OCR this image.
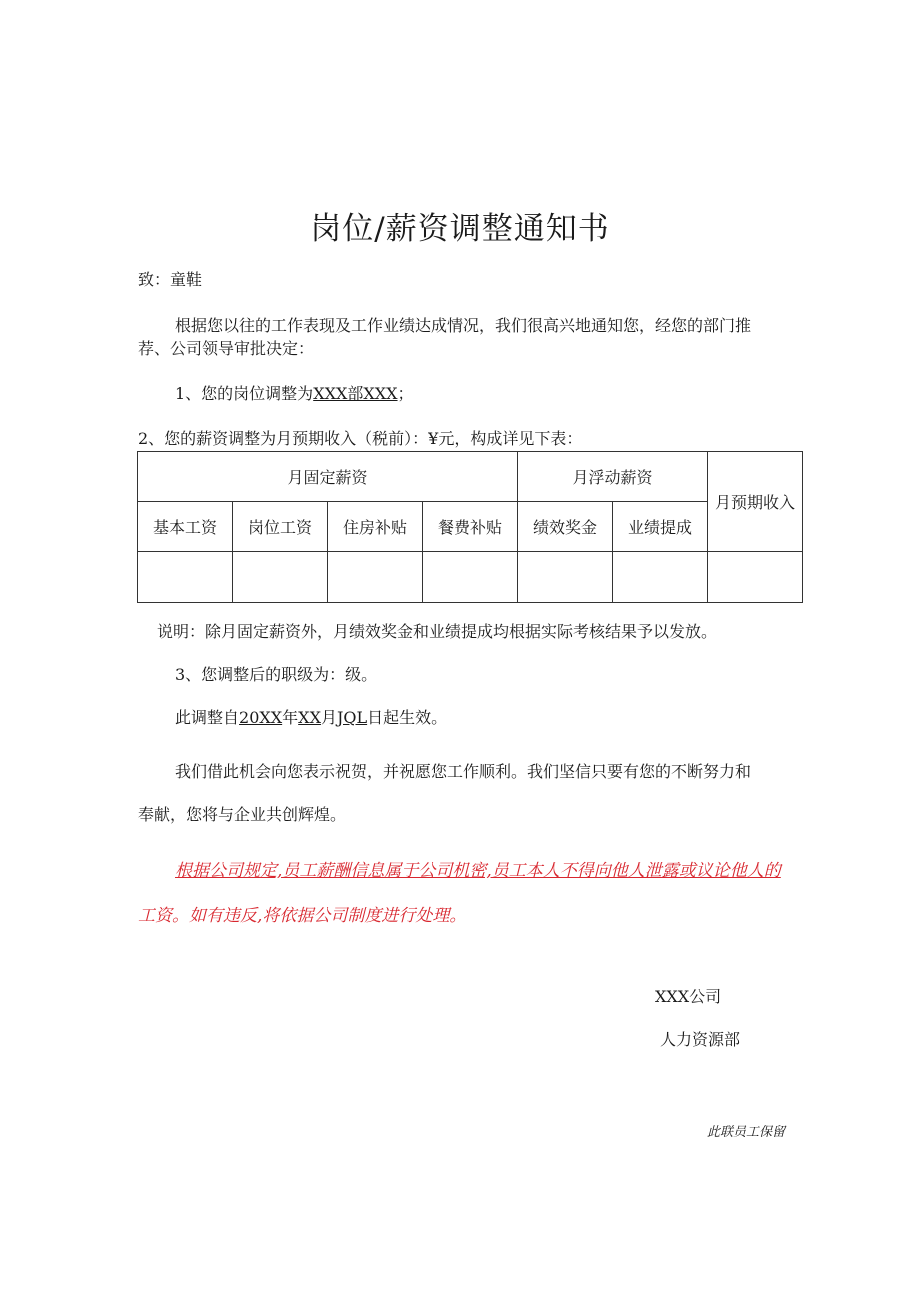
岗位/薪资调整通知书
致：童鞋
根据您以往的工作表现及工作业绩达成情况，我们很高兴地通知您，经您的部门推
荐、公司领导审批决定：
1、您的岗位调整为XXX部XXX；
2、您的薪资调整为月预期收入（税前）：¥元，构成详见下表：
月固定薪资				月浮动薪资		月预期收入
基本工资	岗位工资	住房补贴	餐费补贴	绩效奖金	业绩提成	

说明：除月固定薪资外，月绩效奖金和业绩提成均根据实际考核结果予以发放。
3、您调整后的职级为：级。
此调整自20XX年XX月JQL日起生效。
我们借此机会向您表示祝贺，并祝愿您工作顺利。我们坚信只要有您的不断努力和
奉献，您将与企业共创辉煌。
根据公司规定,员工薪酬信息属于公司机密,员工本人不得向他人泄露或议论他人的
工资。如有违反,将依据公司制度进行处理。
XXX公司
人力资源部
此联员工保留
